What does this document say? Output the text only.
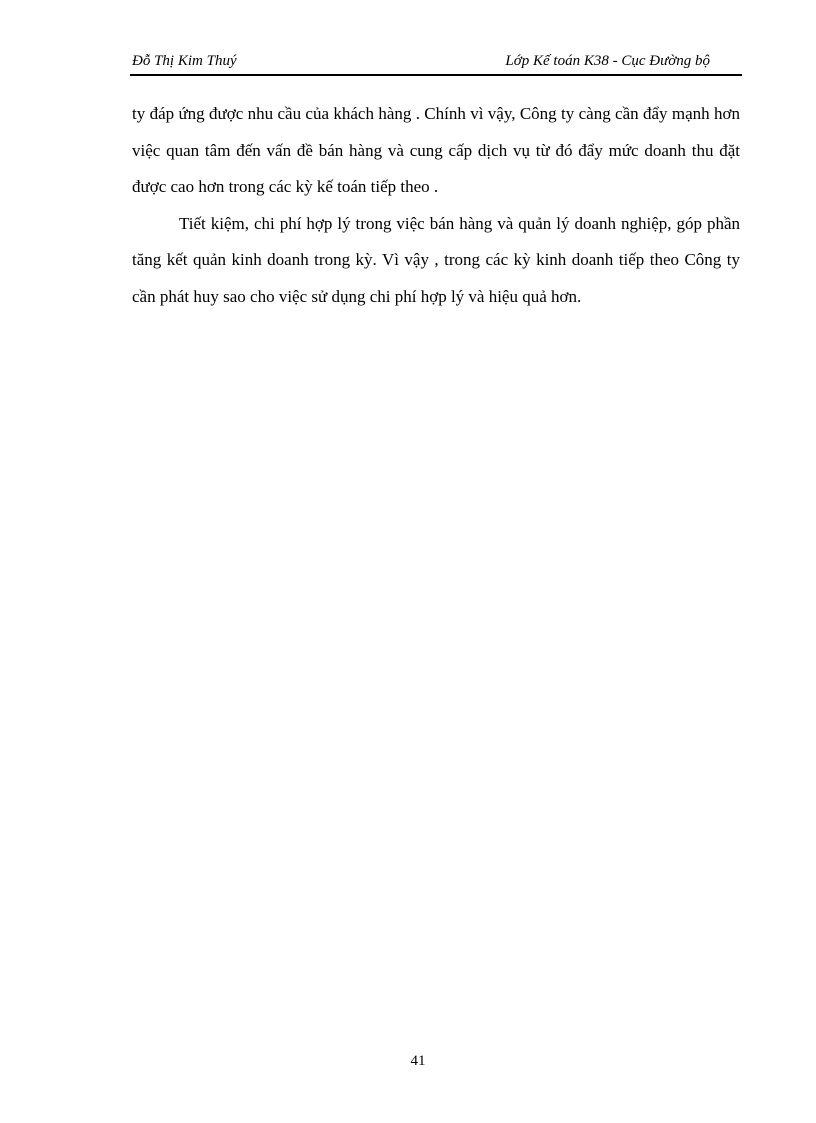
Đỗ Thị Kim Thuý	Lớp Kế toán K38 - Cục Đường bộ

ty đáp ứng được nhu cầu của khách hàng . Chính vì vậy, Công ty càng cần đẩy mạnh hơn việc quan tâm đến vấn đề bán hàng và cung cấp dịch vụ từ đó đẩy mức doanh thu đặt được cao hơn trong các kỳ kế toán tiếp theo .

Tiết kiệm, chi phí hợp lý trong việc bán hàng và quản lý doanh nghiệp, góp phần tăng kết quản kinh doanh trong kỳ. Vì vậy , trong các kỳ kinh doanh tiếp theo Công ty cần phát huy sao cho việc sử dụng chi phí hợp lý và hiệu quả hơn.

41
